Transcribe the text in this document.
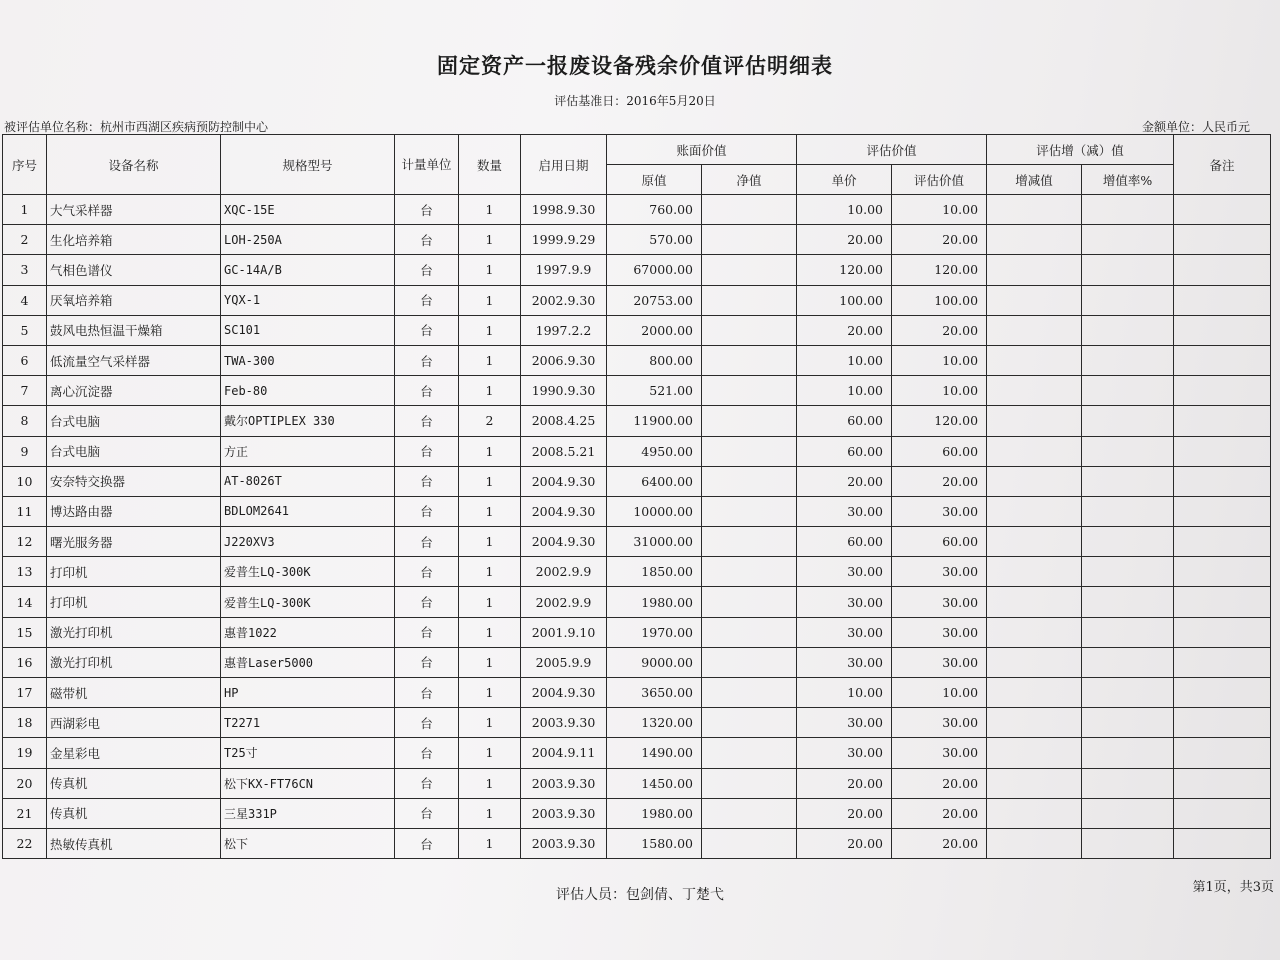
固定资产一报废设备残余价值评估明细表
评估基准日：2016年5月20日
被评估单位名称：杭州市西湖区疾病预防控制中心	金额单位：人民币元
序号	设备名称	规格型号	计量单位	数量	启用日期	账面价值		评估价值		评估增（减）值		备注
						原值	净值	单价	评估价值	增减值	增值率%	
1	大气采样器	XQC-15E	台	1	1998.9.30	760.00		10.00	10.00			
2	生化培养箱	LOH-250A	台	1	1999.9.29	570.00		20.00	20.00			
3	气相色谱仪	GC-14A/B	台	1	1997.9.9	67000.00		120.00	120.00			
4	厌氧培养箱	YQX-1	台	1	2002.9.30	20753.00		100.00	100.00			
5	鼓风电热恒温干燥箱	SC101	台	1	1997.2.2	2000.00		20.00	20.00			
6	低流量空气采样器	TWA-300	台	1	2006.9.30	800.00		10.00	10.00			
7	离心沉淀器	Feb-80	台	1	1990.9.30	521.00		10.00	10.00			
8	台式电脑	戴尔OPTIPLEX 330	台	2	2008.4.25	11900.00		60.00	120.00			
9	台式电脑	方正	台	1	2008.5.21	4950.00		60.00	60.00			
10	安奈特交换器	AT-8026T	台	1	2004.9.30	6400.00		20.00	20.00			
11	博达路由器	BDLOM2641	台	1	2004.9.30	10000.00		30.00	30.00			
12	曙光服务器	J220XV3	台	1	2004.9.30	31000.00		60.00	60.00			
13	打印机	爱普生LQ-300K	台	1	2002.9.9	1850.00		30.00	30.00			
14	打印机	爱普生LQ-300K	台	1	2002.9.9	1980.00		30.00	30.00			
15	激光打印机	惠普1022	台	1	2001.9.10	1970.00		30.00	30.00			
16	激光打印机	惠普Laser5000	台	1	2005.9.9	9000.00		30.00	30.00			
17	磁带机	HP	台	1	2004.9.30	3650.00		10.00	10.00			
18	西湖彩电	T2271	台	1	2003.9.30	1320.00		30.00	30.00			
19	金星彩电	T25寸	台	1	2004.9.11	1490.00		30.00	30.00			
20	传真机	松下KX-FT76CN	台	1	2003.9.30	1450.00		20.00	20.00			
21	传真机	三星331P	台	1	2003.9.30	1980.00		20.00	20.00			
22	热敏传真机	松下	台	1	2003.9.30	1580.00		20.00	20.00			
评估人员：包剑倩、丁楚弋	第1页，共3页
